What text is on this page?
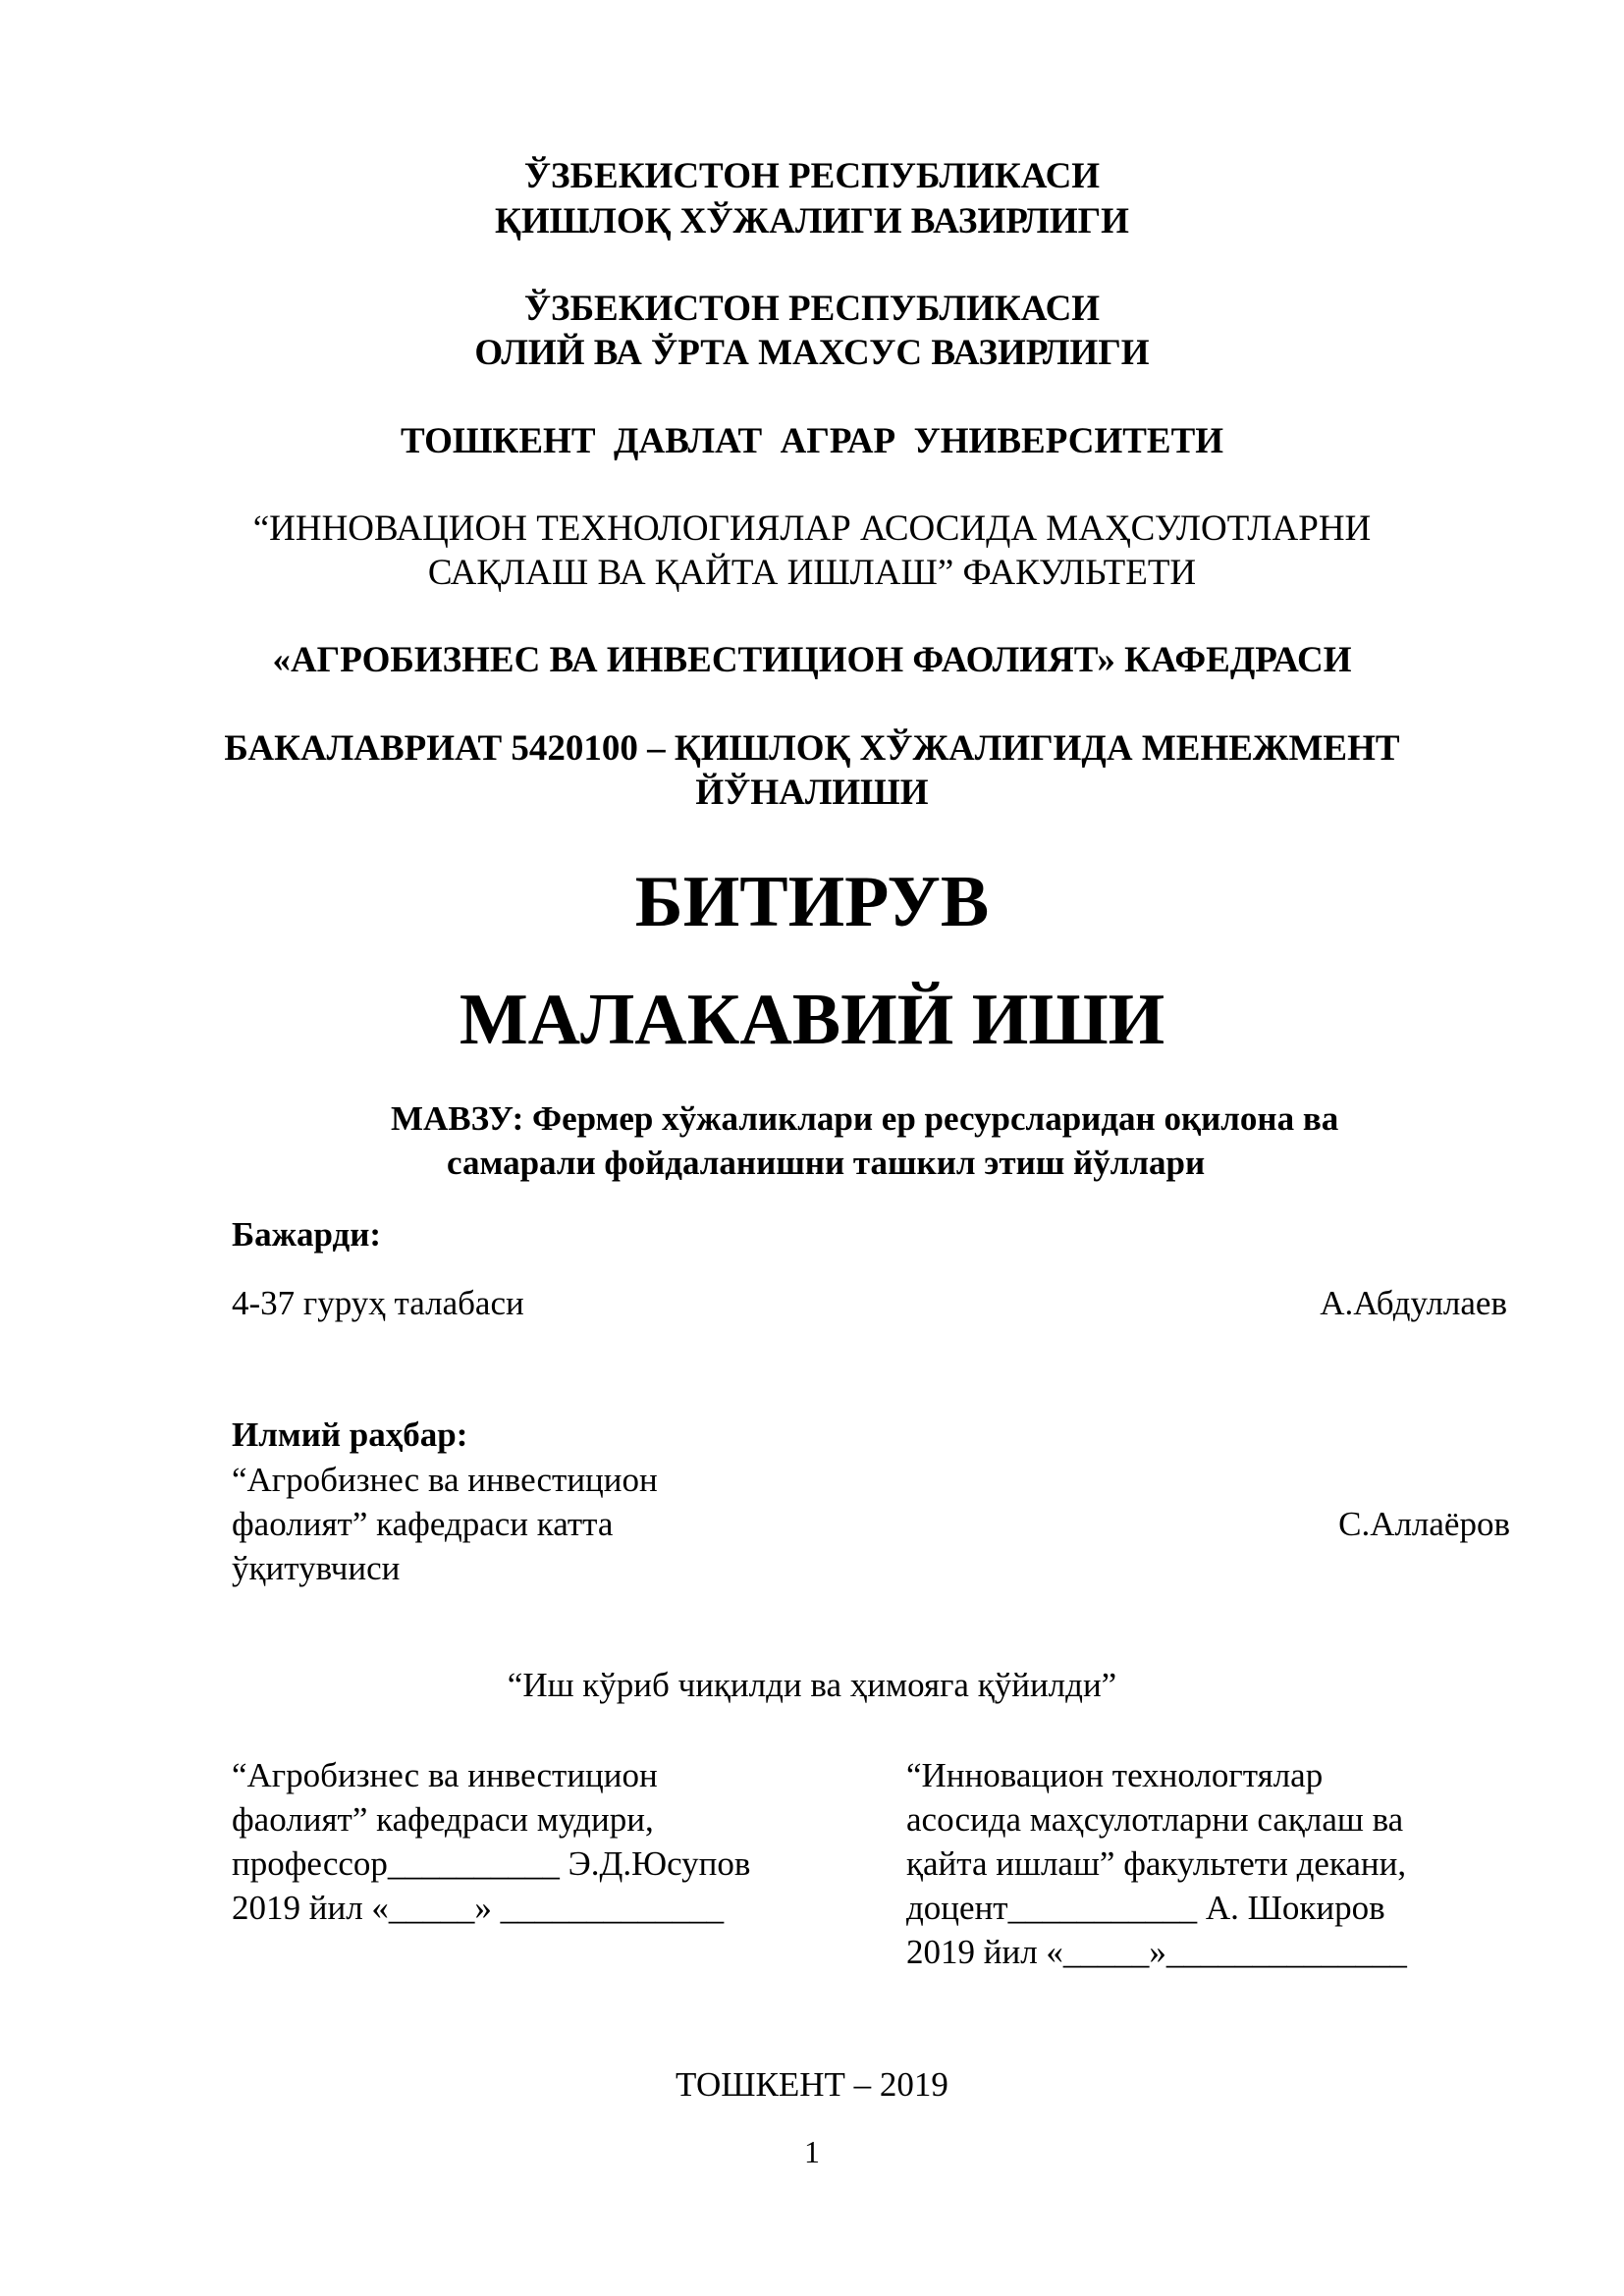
ЎЗБЕКИСТОН РЕСПУБЛИКАСИ
ҚИШЛОҚ ХЎЖАЛИГИ ВАЗИРЛИГИ
ЎЗБЕКИСТОН РЕСПУБЛИКАСИ
ОЛИЙ ВА ЎРТА МАХСУС ВАЗИРЛИГИ
ТОШКЕНТ  ДАВЛАТ  АГРАР  УНИВЕРСИТЕТИ
“ИННОВАЦИОН ТЕХНОЛОГИЯЛАР АСОСИДА МАҲСУЛОТЛАРНИ
САҚЛАШ ВА ҚАЙТА ИШЛАШ” ФАКУЛЬТЕТИ
«АГРОБИЗНЕС ВА ИНВЕСТИЦИОН ФАОЛИЯТ» КАФЕДРАСИ
БАКАЛАВРИАТ 5420100 – ҚИШЛОҚ ХЎЖАЛИГИДА МЕНЕЖМЕНТ
ЙЎНАЛИШИ
БИТИРУВ
МАЛАКАВИЙ ИШИ
МАВЗУ: Фермер хўжаликлари ер ресурсларидан оқилона ва
самарали фойдаланишни ташкил этиш йўллари
Бажарди:
4-37 гуруҳ талабаси	А.Абдуллаев
Илмий раҳбар:
“Агробизнес ва инвестицион
фаолият” кафедраси катта
ўқитувчиси
С.Аллаёров
“Иш кўриб чиқилди ва ҳимояга қўйилди”
“Агробизнес ва инвестицион
фаолият” кафедраси мудири,
профессор__________ Э.Д.Юсупов
2019 йил «_____» _____________
“Инновацион технологтялар
асосида маҳсулотларни сақлаш ва
қайта ишлаш” факультети декани,
доцент___________ А. Шокиров
2019 йил «_____»______________
ТОШКЕНТ – 2019
1
